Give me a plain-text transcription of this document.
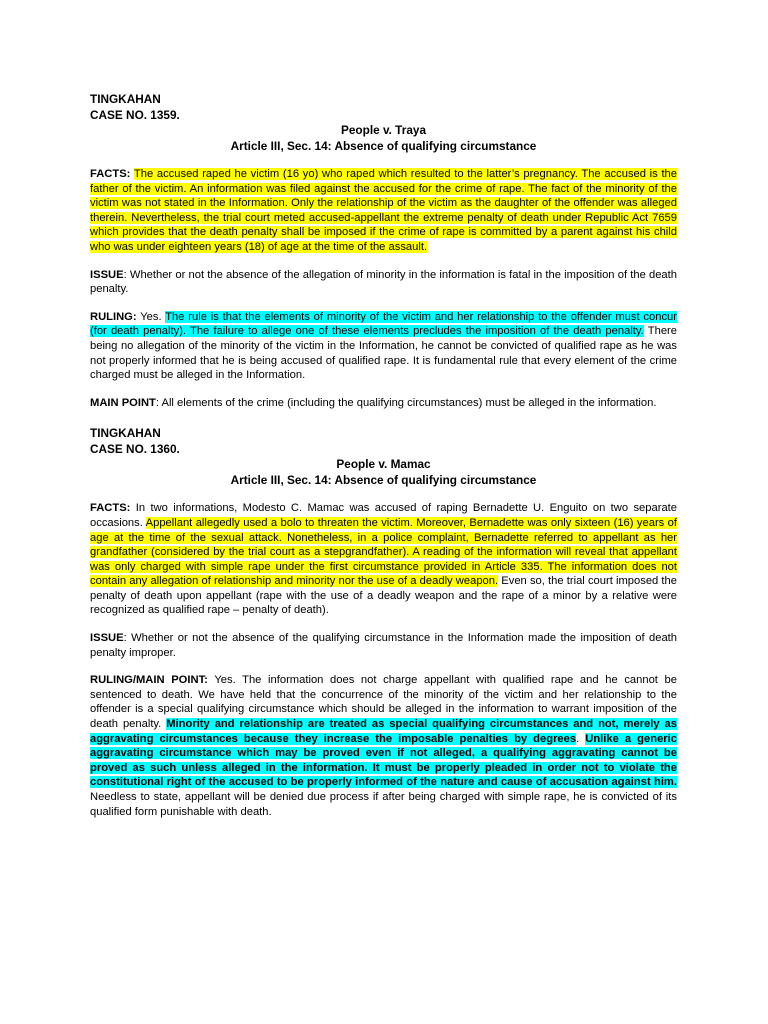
TINGKAHAN

CASE NO. 1359.

People v. Traya

Article III, Sec. 14: Absence of qualifying circumstance

FACTS: The accused raped he victim (16 yo) who raped which resulted to the latter’s pregnancy. The accused is the father of the victim. An information was filed against the accused for the crime of rape. The fact of the minority of the victim was not stated in the Information. Only the relationship of the victim as the daughter of the offender was alleged therein. Nevertheless, the trial court meted accused-appellant the extreme penalty of death under Republic Act 7659 which provides that the death penalty shall be imposed if the crime of rape is committed by a parent against his child who was under eighteen years (18) of age at the time of the assault.

ISSUE: Whether or not the absence of the allegation of minority in the information is fatal in the imposition of the death penalty.

RULING: Yes. The rule is that the elements of minority of the victim and her relationship to the offender must concur (for death penalty). The failure to allege one of these elements precludes the imposition of the death penalty. There being no allegation of the minority of the victim in the Information, he cannot be convicted of qualified rape as he was not properly informed that he is being accused of qualified rape. It is fundamental rule that every element of the crime charged must be alleged in the Information.

MAIN POINT: All elements of the crime (including the qualifying circumstances) must be alleged in the information.

TINGKAHAN

CASE NO. 1360.

People v. Mamac

Article III, Sec. 14: Absence of qualifying circumstance

FACTS: In two informations, Modesto C. Mamac was accused of raping Bernadette U. Enguito on two separate occasions. Appellant allegedly used a bolo to threaten the victim. Moreover, Bernadette was only sixteen (16) years of age at the time of the sexual attack. Nonetheless, in a police complaint, Bernadette referred to appellant as her grandfather (considered by the trial court as a stepgrandfather). A reading of the information will reveal that appellant was only charged with simple rape under the first circumstance provided in Article 335. The information does not contain any allegation of relationship and minority nor the use of a deadly weapon. Even so, the trial court imposed the penalty of death upon appellant (rape with the use of a deadly weapon and the rape of a minor by a relative were recognized as qualified rape – penalty of death).

ISSUE: Whether or not the absence of the qualifying circumstance in the Information made the imposition of death penalty improper.

RULING/MAIN POINT: Yes. The information does not charge appellant with qualified rape and he cannot be sentenced to death. We have held that the concurrence of the minority of the victim and her relationship to the offender is a special qualifying circumstance which should be alleged in the information to warrant imposition of the death penalty. Minority and relationship are treated as special qualifying circumstances and not, merely as aggravating circumstances because they increase the imposable penalties by degrees. Unlike a generic aggravating circumstance which may be proved even if not alleged, a qualifying aggravating cannot be proved as such unless alleged in the information. It must be properly pleaded in order not to violate the constitutional right of the accused to be properly informed of the nature and cause of accusation against him. Needless to state, appellant will be denied due process if after being charged with simple rape, he is convicted of its qualified form punishable with death.
